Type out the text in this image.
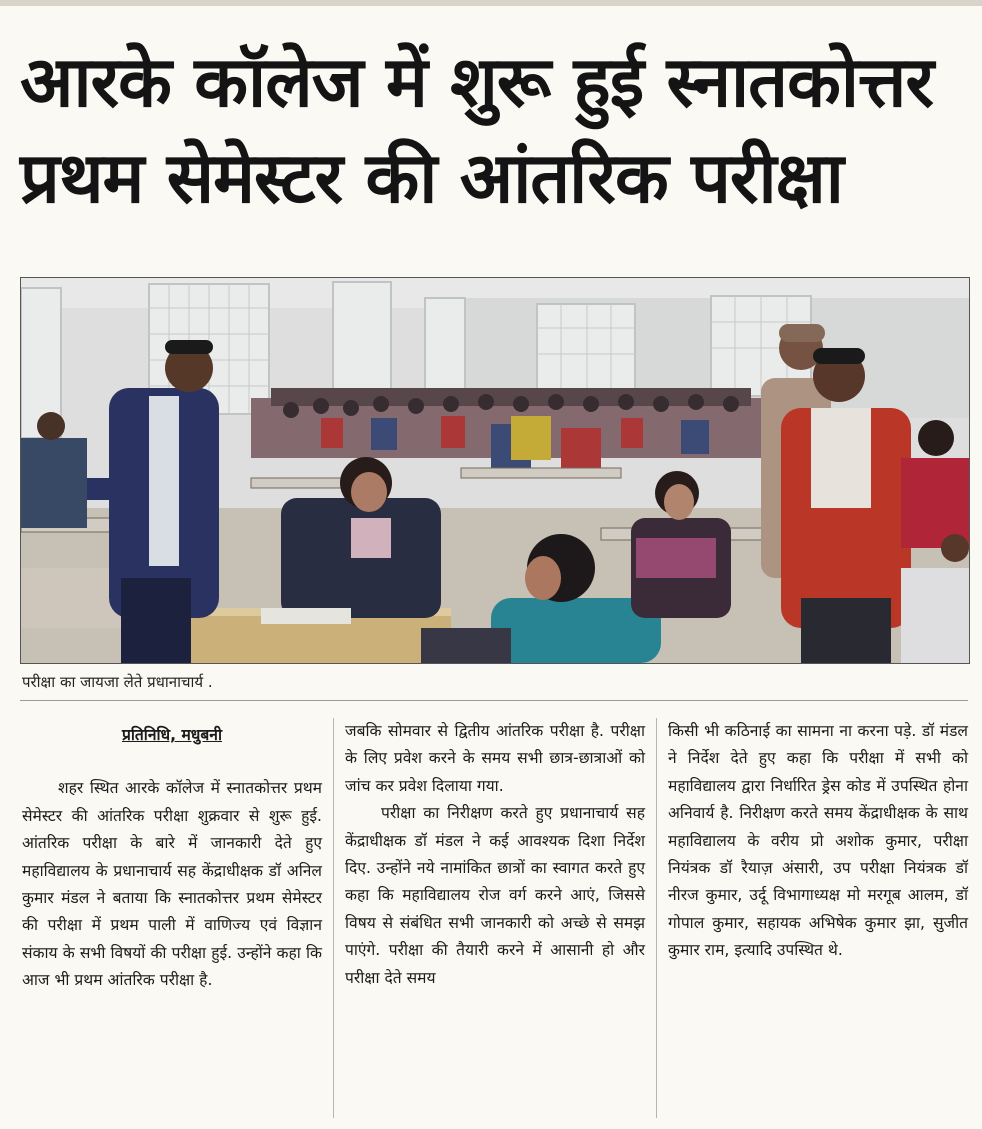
आरके कॉलेज में शुरू हुई स्नातकोत्तर
प्रथम सेमेस्टर की आंतरिक परीक्षा
परीक्षा का जायजा लेते प्रधानाचार्य .
प्रतिनिधि, मधुबनी

शहर स्थित आरके कॉलेज में स्नातकोत्तर प्रथम सेमेस्टर की आंतरिक परीक्षा शुक्रवार से शुरू हुई. आंतरिक परीक्षा के बारे में जानकारी देते हुए महाविद्यालय के प्रधानाचार्य सह केंद्राधीक्षक डॉ अनिल कुमार मंडल ने बताया कि स्नातकोत्तर प्रथम सेमेस्टर की परीक्षा में प्रथम पाली में वाणिज्य एवं विज्ञान संकाय के सभी विषयों की परीक्षा हुई. उन्होंने कहा कि आज भी प्रथम आंतरिक परीक्षा है.

जबकि सोमवार से द्वितीय आंतरिक परीक्षा है. परीक्षा के लिए प्रवेश करने के समय सभी छात्र-छात्राओं को जांच कर प्रवेश दिलाया गया.

परीक्षा का निरीक्षण करते हुए प्रधानाचार्य सह केंद्राधीक्षक डॉ मंडल ने कई आवश्यक दिशा निर्देश दिए. उन्होंने नये नामांकित छात्रों का स्वागत करते हुए कहा कि महाविद्यालय रोज वर्ग करने आएं, जिससे विषय से संबंधित सभी जानकारी को अच्छे से समझ पाएंगे. परीक्षा की तैयारी करने में आसानी हो और परीक्षा देते समय

किसी भी कठिनाई का सामना ना करना पड़े. डॉ मंडल ने निर्देश देते हुए कहा कि परीक्षा में सभी को महाविद्यालय द्वारा निर्धारित ड्रेस कोड में उपस्थित होना अनिवार्य है. निरीक्षण करते समय केंद्राधीक्षक के साथ महाविद्यालय के वरीय प्रो अशोक कुमार, परीक्षा नियंत्रक डॉ रैयाज़ अंसारी, उप परीक्षा नियंत्रक डॉ नीरज कुमार, उर्दू विभागाध्यक्ष मो मरगूब आलम, डॉ गोपाल कुमार, सहायक अभिषेक कुमार झा, सुजीत कुमार राम, इत्यादि उपस्थित थे.
